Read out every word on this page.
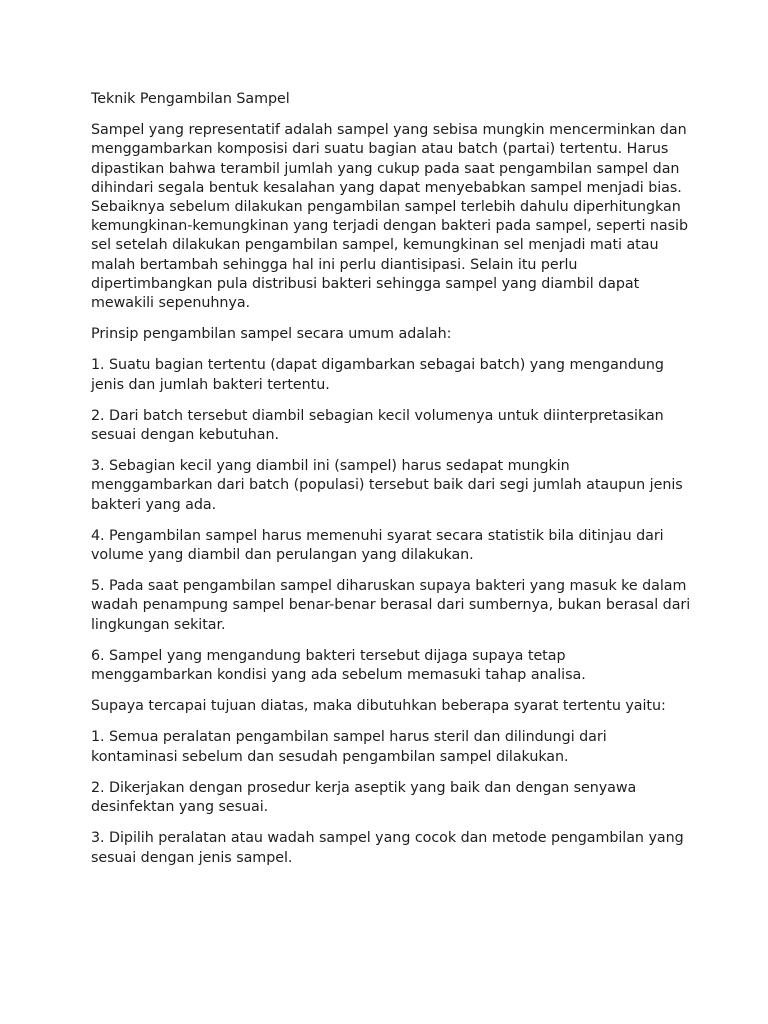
Teknik Pengambilan Sampel

Sampel yang representatif adalah sampel yang sebisa mungkin mencerminkan dan menggambarkan komposisi dari suatu bagian atau batch (partai) tertentu. Harus dipastikan bahwa terambil jumlah yang cukup pada saat pengambilan sampel dan dihindari segala bentuk kesalahan yang dapat menyebabkan sampel menjadi bias. Sebaiknya sebelum dilakukan pengambilan sampel terlebih dahulu diperhitungkan kemungkinan-kemungkinan yang terjadi dengan bakteri pada sampel, seperti nasib sel setelah dilakukan pengambilan sampel, kemungkinan sel menjadi mati atau malah bertambah sehingga hal ini perlu diantisipasi. Selain itu perlu dipertimbangkan pula distribusi bakteri sehingga sampel yang diambil dapat mewakili sepenuhnya.

Prinsip pengambilan sampel secara umum adalah:

1. Suatu bagian tertentu (dapat digambarkan sebagai batch) yang mengandung jenis dan jumlah bakteri tertentu.

2. Dari batch tersebut diambil sebagian kecil volumenya untuk diinterpretasikan sesuai dengan kebutuhan.

3. Sebagian kecil yang diambil ini (sampel) harus sedapat mungkin menggambarkan dari batch (populasi) tersebut baik dari segi jumlah ataupun jenis bakteri yang ada.

4. Pengambilan sampel harus memenuhi syarat secara statistik bila ditinjau dari volume yang diambil dan perulangan yang dilakukan.

5. Pada saat pengambilan sampel diharuskan supaya bakteri yang masuk ke dalam wadah penampung sampel benar-benar berasal dari sumbernya, bukan berasal dari lingkungan sekitar.

6. Sampel yang mengandung bakteri tersebut dijaga supaya tetap menggambarkan kondisi yang ada sebelum memasuki tahap analisa.

Supaya tercapai tujuan diatas, maka dibutuhkan beberapa syarat tertentu yaitu:

1. Semua peralatan pengambilan sampel harus steril dan dilindungi dari kontaminasi sebelum dan sesudah pengambilan sampel dilakukan.

2. Dikerjakan dengan prosedur kerja aseptik yang baik dan dengan senyawa desinfektan yang sesuai.

3. Dipilih peralatan atau wadah sampel yang cocok dan metode pengambilan yang sesuai dengan jenis sampel.
